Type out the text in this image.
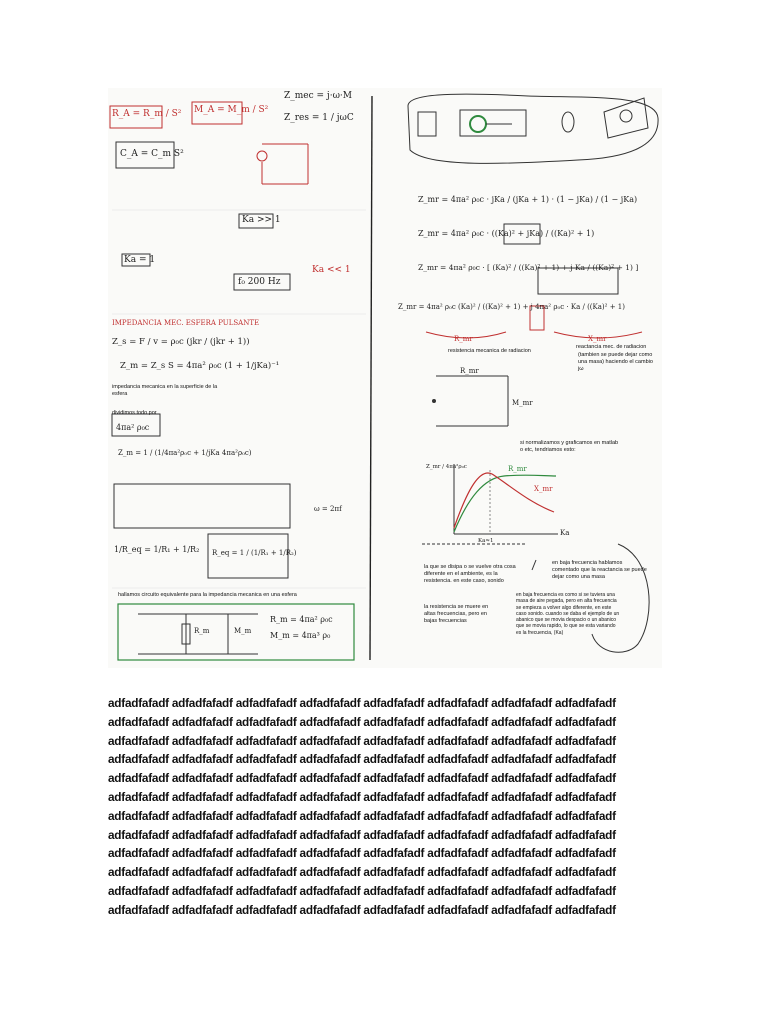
R_A = R_m / S² M_A = M_m / S²
Z_mec = j·ω·M
Z_res = 1 / jωC
C_A = C_m S²
Ka >> 1
Ka << 1
Ka = 1
f₀ 200 Hz
IMPEDANCIA MEC. ESFERA PULSANTE
Z_s = F / v = ρ₀c (jkr / (jkr + 1))
Z_m = Z_s S = 4πa² ρ₀c (1 + 1/jKa)⁻¹
impedancia mecanica en la superficie de la esfera
dividimos todo por
4πa² ρ₀c
Z_m = 1 / (1/4πa²ρ₀c + 1/jKa 4πa²ρ₀c)
ω = 2πf
1/R_eq = 1/R₁ + 1/R₂ R_eq = 1 / (1/R₁ + 1/R₂)
hallamos circuito equivalente para la impedancia mecanica en una esfera
R_m = 4πa² ρ₀c
M_m = 4πa³ ρ₀
R_m	M_m
Z_mr = 4πa² ρ₀c · jKa / (jKa + 1) · (1 − jKa) / (1 − jKa)
Z_mr = 4πa² ρ₀c · ((Ka)² + jKa) / ((Ka)² + 1)
Z_mr = 4πa² ρ₀c · [ (Ka)² / ((Ka)² + 1) + j Ka / ((Ka)² + 1) ]
Z_mr = 4πa² ρ₀c (Ka)² / ((Ka)² + 1) + j 4πa² ρ₀c · Ka / ((Ka)² + 1)
R_mr	X_mr
resistencia mecanica de radiacion
reactancia mec. de radiacion
(tambien se puede dejar como una masa) haciendo el cambio jω
R_mr
M_mr
si normalizamos y graficamos en matlab o etc, tendriamos esto:
Z_mr / 4πa²ρ₀c	R_mr
X_mr
Ka≈1
Ka
la que se disipa o se vuelve otra cosa diferente en el ambiente, es la resistencia. en este caso, sonido
en baja frecuencia hablamos comentado que la reactancia se puede dejar como una masa
la resistencia se muere en altas frecuencias, pero en bajas frecuencias
en baja frecuencia es como si se tuviera una masa de aire pegada, pero en alta frecuencia se empieza a volver algo diferente, en este caso sonido. cuando se daba el ejemplo de un abanico que se movia despacio o un abanico que se movia rapido, lo que se esta variando es la frecuencia, (Ka)
adfadfafadf adfadfafadf adfadfafadf adfadfafadf adfadfafadf adfadfafadf adfadfafadf adfadfafadf
adfadfafadf adfadfafadf adfadfafadf adfadfafadf adfadfafadf adfadfafadf adfadfafadf adfadfafadf
adfadfafadf adfadfafadf adfadfafadf adfadfafadf adfadfafadf adfadfafadf adfadfafadf adfadfafadf
adfadfafadf adfadfafadf adfadfafadf adfadfafadf adfadfafadf adfadfafadf adfadfafadf adfadfafadf
adfadfafadf adfadfafadf adfadfafadf adfadfafadf adfadfafadf adfadfafadf adfadfafadf adfadfafadf
adfadfafadf adfadfafadf adfadfafadf adfadfafadf adfadfafadf adfadfafadf adfadfafadf adfadfafadf
adfadfafadf adfadfafadf adfadfafadf adfadfafadf adfadfafadf adfadfafadf adfadfafadf adfadfafadf
adfadfafadf adfadfafadf adfadfafadf adfadfafadf adfadfafadf adfadfafadf adfadfafadf adfadfafadf
adfadfafadf adfadfafadf adfadfafadf adfadfafadf adfadfafadf adfadfafadf adfadfafadf adfadfafadf
adfadfafadf adfadfafadf adfadfafadf adfadfafadf adfadfafadf adfadfafadf adfadfafadf adfadfafadf
adfadfafadf adfadfafadf adfadfafadf adfadfafadf adfadfafadf adfadfafadf adfadfafadf adfadfafadf
adfadfafadf adfadfafadf adfadfafadf adfadfafadf adfadfafadf adfadfafadf adfadfafadf adfadfafadf
